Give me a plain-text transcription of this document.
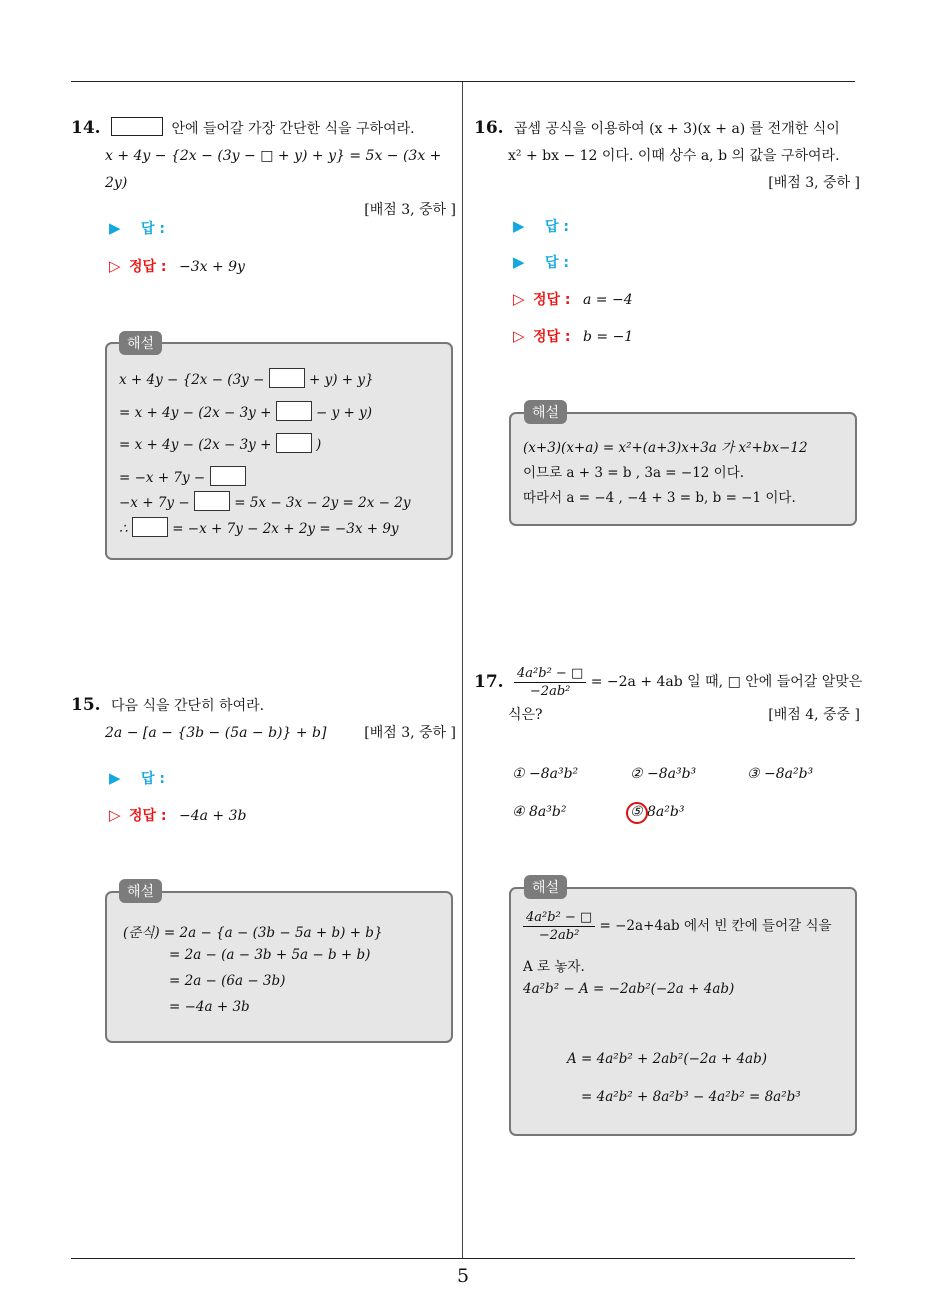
14.	안에 들어갈 가장 간단한 식을 구하여라.
x + 4y − {2x − (3y − □ + y) + y} = 5x − (3x + 2y)
[배점 3, 중하 ]
▶ 답 :
▷ 정답 : −3x + 9y
x + 4y − {2x − (3y −	+ y) + y}
= x + 4y − (2x − 3y +	− y + y)
= x + 4y − (2x − 3y +	)
= −x + 7y −
−x + 7y −	= 5x − 3x − 2y = 2x − 2y
∴	= −x + 7y − 2x + 2y = −3x + 9y
해설
15. 다음 식을 간단히 하여라.
2a − [a − {3b − (5a − b)} + b]	[배점 3, 중하 ]
▶ 답 :
▷ 정답 : −4a + 3b
(준식) = 2a − {a − (3b − 5a + b) + b}
= 2a − (a − 3b + 5a − b + b)
= 2a − (6a − 3b)
= −4a + 3b
해설
16. 곱셈 공식을 이용하여 (x + 3)(x + a) 를 전개한 식이
x² + bx − 12 이다. 이때 상수 a, b 의 값을 구하여라.
[배점 3, 중하 ]
▶ 답 :
▶ 답 :
▷ 정답 : a = −4
▷ 정답 : b = −1
(x+3)(x+a) = x²+(a+3)x+3a 가 x²+bx−12
이므로 a + 3 = b , 3a = −12 이다.
따라서 a = −4 , −4 + 3 = b, b = −1 이다.
해설
17. $\frac{\text{4a²b² − □}}{\text{−2ab²}} = -2a + 4ab$ 일 때, □ 안에 들어갈 알맞은
식은?	[배점 4, 중중 ]
① −8a³b²	② −8a³b³	③ −8a²b³
④ 8a³b²	⑤ 8a²b³
$\frac{\text{4a²b² − □}}{\text{−2ab²}} = -2a+4ab$ 에서 빈 칸에 들어갈 식을
A 로 놓자.
4a²b² − A = −2ab²(−2a + 4ab)
A = 4a²b² + 2ab²(−2a + 4ab)
= 4a²b² + 8a²b³ − 4a²b² = 8a²b³
해설
5
